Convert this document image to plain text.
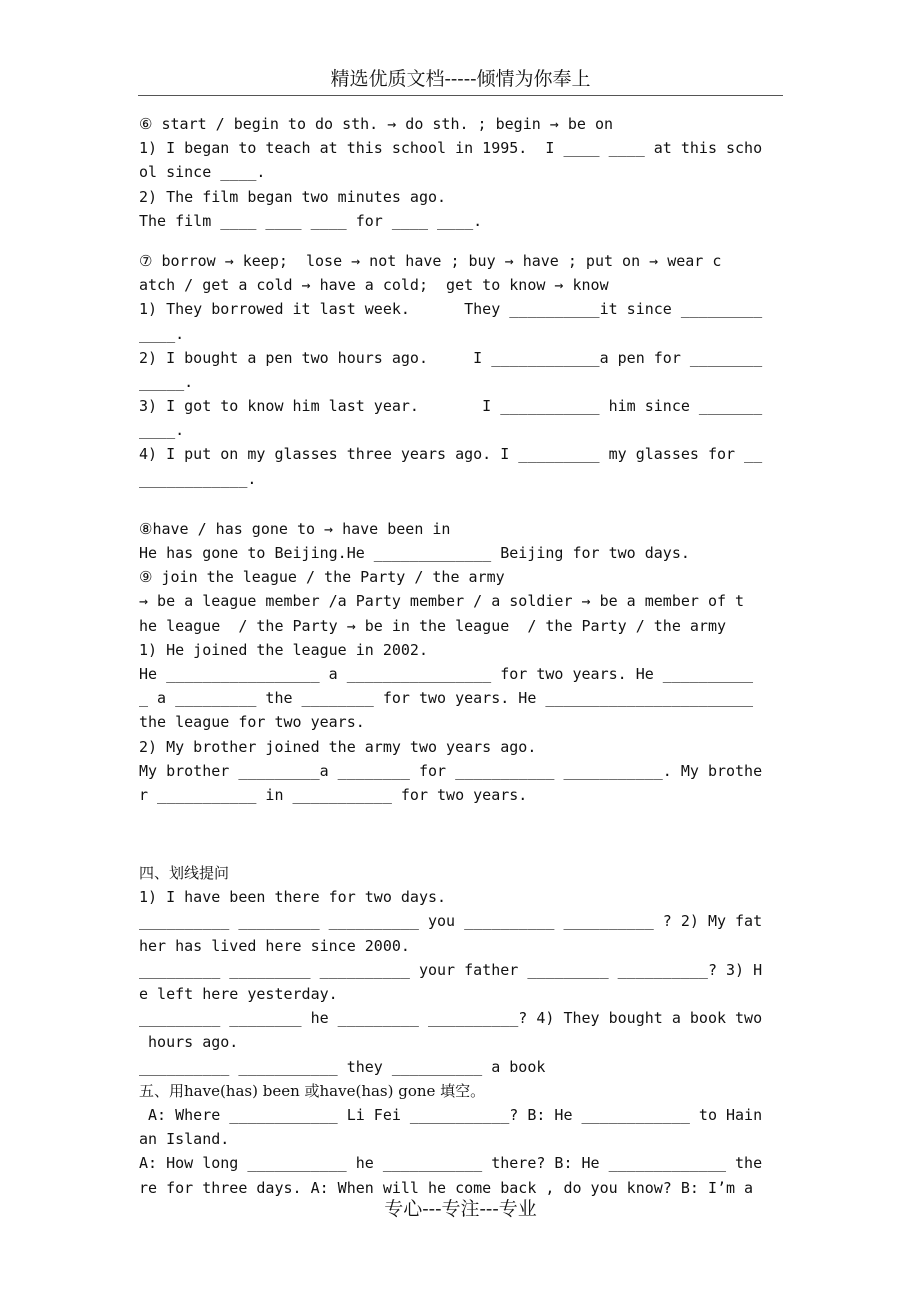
精选优质文档-----倾情为你奉上
⑥ start / begin to do sth. → do sth. ; begin → be on
1) I began to teach at this school in 1995.  I ____ ____ at this scho
ol since ____.
2) The film began two minutes ago.
The film ____ ____ ____ for ____ ____.
⑦ borrow → keep;  lose → not have ; buy → have ; put on → wear c
atch / get a cold → have a cold;  get to know → know
1) They borrowed it last week.      They __________it since _________
____.
2) I bought a pen two hours ago.     I ____________a pen for ________
_____.
3) I got to know him last year.       I ___________ him since _______
____.
4) I put on my glasses three years ago. I _________ my glasses for __
____________.
⑧have / has gone to → have been in
He has gone to Beijing.He _____________ Beijing for two days.
⑨ join the league / the Party / the army
→ be a league member /a Party member / a soldier → be a member of t
he league  / the Party → be in the league  / the Party / the army
1) He joined the league in 2002.
He _________________ a ________________ for two years. He __________
_ a _________ the ________ for two years. He _______________________
the league for two years.
2) My brother joined the army two years ago.
My brother _________a ________ for ___________ ___________. My brothe
r ___________ in ___________ for two years.
四、划线提问
1) I have been there for two days.
__________ _________ __________ you __________ __________ ? 2) My fat
her has lived here since 2000.
_________ _________ __________ your father _________ __________? 3) H
e left here yesterday.
_________ ________ he _________ __________? 4) They bought a book two
hours ago.
__________ ___________ they __________ a book
五、用have(has) been 或have(has) gone 填空。
A: Where ____________ Li Fei ___________? B: He ____________ to Hain
an Island.
A: How long ___________ he ___________ there? B: He _____________ the
re for three days. A: When will he come back , do you know? B: I’m a
专心---专注---专业
